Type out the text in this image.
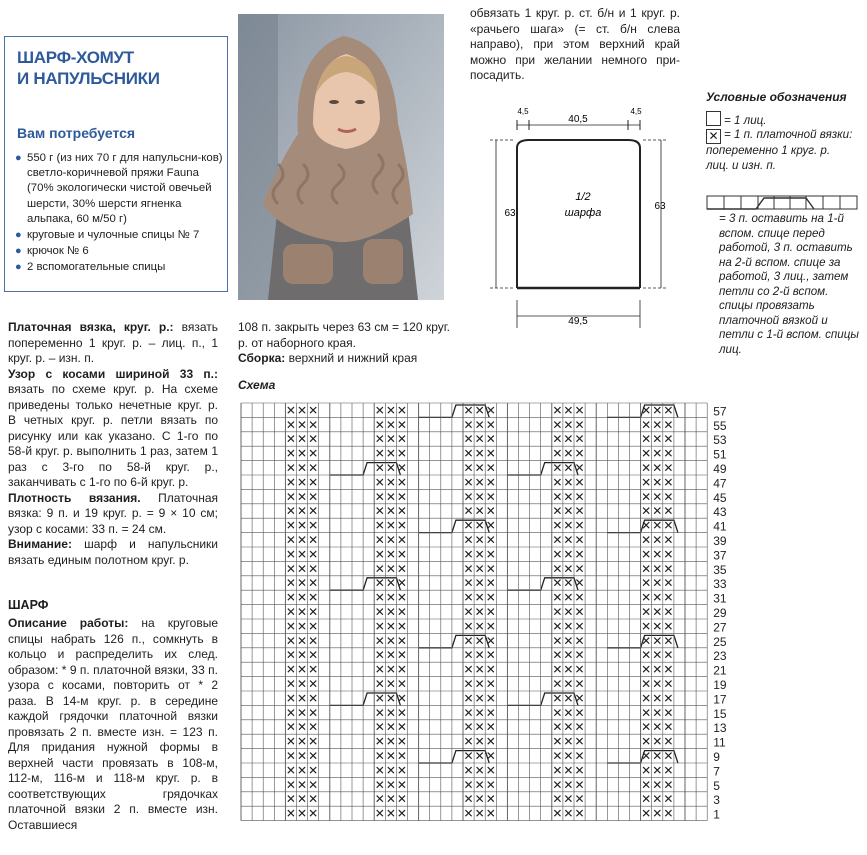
ШАРФ-ХОМУТ
И НАПУЛЬСНИКИ
Вам потребуется
● 550 г (из них 70 г для напульсни-ков) светло-коричневой пряжи Fauna (70% экологически чистой овечьей шерсти, 30% шерсти ягненка альпака, 60 м/50 г)
● круговые и чулочные спицы № 7
● крючок № 6
● 2 вспомогательные спицы
обвязать 1 круг. р. ст. б/н и 1 круг. р. «рачьего шага» (= ст. б/н слева направо), при этом верхний край можно при желании немного при-посадить.
4,5
40,5
4,5
63
63
1/2
шарфа
49,5
Условные обозначения
= 1 лиц.
✕ = 1 п. платочной вязки: попеременно 1 круг. р. лиц. и изн. п.
= 3 п. оставить на 1-й вспом. спице перед работой, 3 п. оставить на 2-й вспом. спице за работой, 3 лиц., затем петли со 2-й вспом. спицы провязать платочной вязкой и петли с 1-й вспом. спицы лиц.

Платочная вязка, круг. р.: вязать попеременно 1 круг. р. – лиц. п., 1 круг. р. – изн. п.

Узор с косами шириной 33 п.: вязать по схеме круг. р. На схеме приведены только нечетные круг. р. В четных круг. р. петли вязать по рисунку или как указано. С 1-го по 58-й круг. р. выполнить 1 раз, затем 1 раз с 3-го по 58-й круг. р., заканчивать с 1-го по 6-й круг. р.

Плотность вязания. Платочная вязка: 9 п. и 19 круг. р. = 9 × 10 см; узор с косами: 33 п. = 24 см.

Внимание: шарф и напульсники вязать единым полотном круг. р.

ШАРФ

Описание работы: на круговые спицы набрать 126 п., сомкнуть в кольцо и распределить их след. образом: * 9 п. платочной вязки, 33 п. узора с косами, повторить от * 2 раза. В 14-м круг. р. в середине каждой грядочки платочной вязки провязать 2 п. вместе изн. = 123 п. Для придания нужной формы в верхней части провязать в 108-м, 112-м, 116-м и 118-м круг. р. в соответствующих грядочках платочной вязки 2 п. вместе изн. Оставшиеся

108 п. закрыть через 63 см = 120 круг. р. от наборного края.

Сборка: верхний и нижний края

Схема
✕ ✕ ✕	✕ ✕ ✕	✕ ✕ ✕	✕ ✕ ✕	✕ ✕ ✕
✕ ✕ ✕	✕ ✕ ✕	✕ ✕ ✕	✕ ✕ ✕	✕ ✕ ✕
✕ ✕ ✕	✕ ✕ ✕	✕ ✕ ✕	✕ ✕ ✕	✕ ✕ ✕
✕ ✕ ✕	✕ ✕ ✕	✕ ✕ ✕	✕ ✕ ✕	✕ ✕ ✕
✕ ✕ ✕	✕ ✕ ✕	✕ ✕ ✕	✕ ✕ ✕	✕ ✕ ✕
✕ ✕ ✕	✕ ✕ ✕	✕ ✕ ✕	✕ ✕ ✕	✕ ✕ ✕
✕ ✕ ✕	✕ ✕ ✕	✕ ✕ ✕	✕ ✕ ✕	✕ ✕ ✕
✕ ✕ ✕	✕ ✕ ✕	✕ ✕ ✕	✕ ✕ ✕	✕ ✕ ✕
✕ ✕ ✕	✕ ✕ ✕	✕ ✕ ✕	✕ ✕ ✕	✕ ✕ ✕
✕ ✕ ✕	✕ ✕ ✕	✕ ✕ ✕	✕ ✕ ✕	✕ ✕ ✕
✕ ✕ ✕	✕ ✕ ✕	✕ ✕ ✕	✕ ✕ ✕	✕ ✕ ✕
✕ ✕ ✕	✕ ✕ ✕	✕ ✕ ✕	✕ ✕ ✕	✕ ✕ ✕
✕ ✕ ✕	✕ ✕ ✕	✕ ✕ ✕	✕ ✕ ✕	✕ ✕ ✕
✕ ✕ ✕	✕ ✕ ✕	✕ ✕ ✕	✕ ✕ ✕	✕ ✕ ✕
✕ ✕ ✕	✕ ✕ ✕	✕ ✕ ✕	✕ ✕ ✕	✕ ✕ ✕
✕ ✕ ✕	✕ ✕ ✕	✕ ✕ ✕	✕ ✕ ✕	✕ ✕ ✕
✕ ✕ ✕	✕ ✕ ✕	✕ ✕ ✕	✕ ✕ ✕	✕ ✕ ✕
✕ ✕ ✕	✕ ✕ ✕	✕ ✕ ✕	✕ ✕ ✕	✕ ✕ ✕
✕ ✕ ✕	✕ ✕ ✕	✕ ✕ ✕	✕ ✕ ✕	✕ ✕ ✕
✕ ✕ ✕	✕ ✕ ✕	✕ ✕ ✕	✕ ✕ ✕	✕ ✕ ✕
✕ ✕ ✕	✕ ✕ ✕	✕ ✕ ✕	✕ ✕ ✕	✕ ✕ ✕
✕ ✕ ✕	✕ ✕ ✕	✕ ✕ ✕	✕ ✕ ✕	✕ ✕ ✕
✕ ✕ ✕	✕ ✕ ✕	✕ ✕ ✕	✕ ✕ ✕	✕ ✕ ✕
✕ ✕ ✕	✕ ✕ ✕	✕ ✕ ✕	✕ ✕ ✕	✕ ✕ ✕
✕ ✕ ✕	✕ ✕ ✕	✕ ✕ ✕	✕ ✕ ✕	✕ ✕ ✕
✕ ✕ ✕	✕ ✕ ✕	✕ ✕ ✕	✕ ✕ ✕	✕ ✕ ✕
✕ ✕ ✕	✕ ✕ ✕	✕ ✕ ✕	✕ ✕ ✕	✕ ✕ ✕
✕ ✕ ✕	✕ ✕ ✕	✕ ✕ ✕	✕ ✕ ✕	✕ ✕ ✕
✕ ✕ ✕	✕ ✕ ✕	✕ ✕ ✕	✕ ✕ ✕	✕ ✕ ✕
57
55
53
51
49
47
45
43
41
39
37
35
33
31
29
27
25
23
21
19
17
15
13
11
9
7
5
3
1
